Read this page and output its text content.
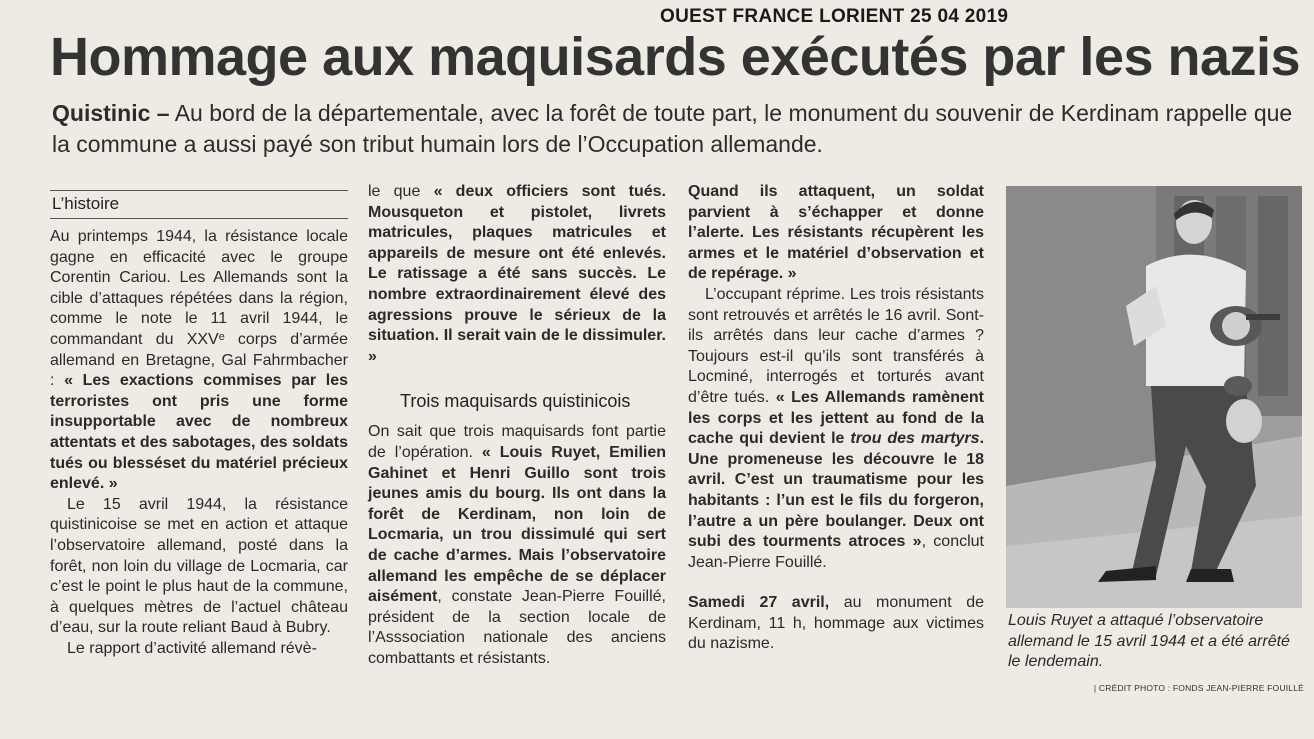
OUEST FRANCE LORIENT 25 04 2019
Hommage aux maquisards exécutés par les nazis
Quistinic – Au bord de la départementale, avec la forêt de toute part, le monument du souvenir de Kerdinam rappelle que la commune a aussi payé son tribut humain lors de l’Occupation allemande.
L’histoire

Au printemps 1944, la résistance locale gagne en efficacité avec le groupe Corentin Cariou. Les Allemands sont la cible d’attaques répétées dans la région, comme le note le 11 avril 1944, le commandant du XXVᵉ corps d’armée allemand en Bretagne, Gal Fahrmbacher : « Les exactions commises par les terroristes ont pris une forme insupportable avec de nombreux attentats et des sabotages, des soldats tués ou blesséset du matériel précieux enlevé. »

Le 15 avril 1944, la résistance quistinicoise se met en action et attaque l’observatoire allemand, posté dans la forêt, non loin du village de Locmaria, car c’est le point le plus haut de la commune, à quelques mètres de l’actuel château d’eau, sur la route reliant Baud à Bubry.

Le rapport d’activité allemand révè-

le que « deux officiers sont tués. Mousqueton et pistolet, livrets matricules, plaques matricules et appareils de mesure ont été enlevés. Le ratissage a été sans succès. Le nombre extraordinairement élevé des agressions prouve le sérieux de la situation. Il serait vain de le dissimuler. »

Trois maquisards quistinicois

On sait que trois maquisards font partie de l’opération. « Louis Ruyet, Emilien Gahinet et Henri Guillo sont trois jeunes amis du bourg. Ils ont dans la forêt de Kerdinam, non loin de Locmaria, un trou dissimulé qui sert de cache d’armes. Mais l’observatoire allemand les empêche de se déplacer aisément, constate Jean-Pierre Fouillé, président de la section locale de l’Asssociation nationale des anciens combattants et résistants.

Quand ils attaquent, un soldat parvient à s’échapper et donne l’alerte. Les résistants récupèrent les armes et le matériel d’observation et de repérage. »

L’occupant réprime. Les trois résistants sont retrouvés et arrêtés le 16 avril. Sont-ils arrêtés dans leur cache d’armes ? Toujours est-il qu’ils sont transférés à Locminé, interrogés et torturés avant d’être tués. « Les Allemands ramènent les corps et les jettent au fond de la cache qui devient le trou des martyrs. Une promeneuse les découvre le 18 avril. C’est un traumatisme pour les habitants : l’un est le fils du forgeron, l’autre a un père boulanger. Deux ont subi des tourments atroces », conclut Jean-Pierre Fouillé.

Samedi 27 avril, au monument de Kerdinam, 11 h, hommage aux victimes du nazisme.

Louis Ruyet a attaqué l’observatoire allemand le 15 avril 1944 et a été arrêté le lendemain.
| CRÉDIT PHOTO : FONDS JEAN-PIERRE FOUILLÉ
